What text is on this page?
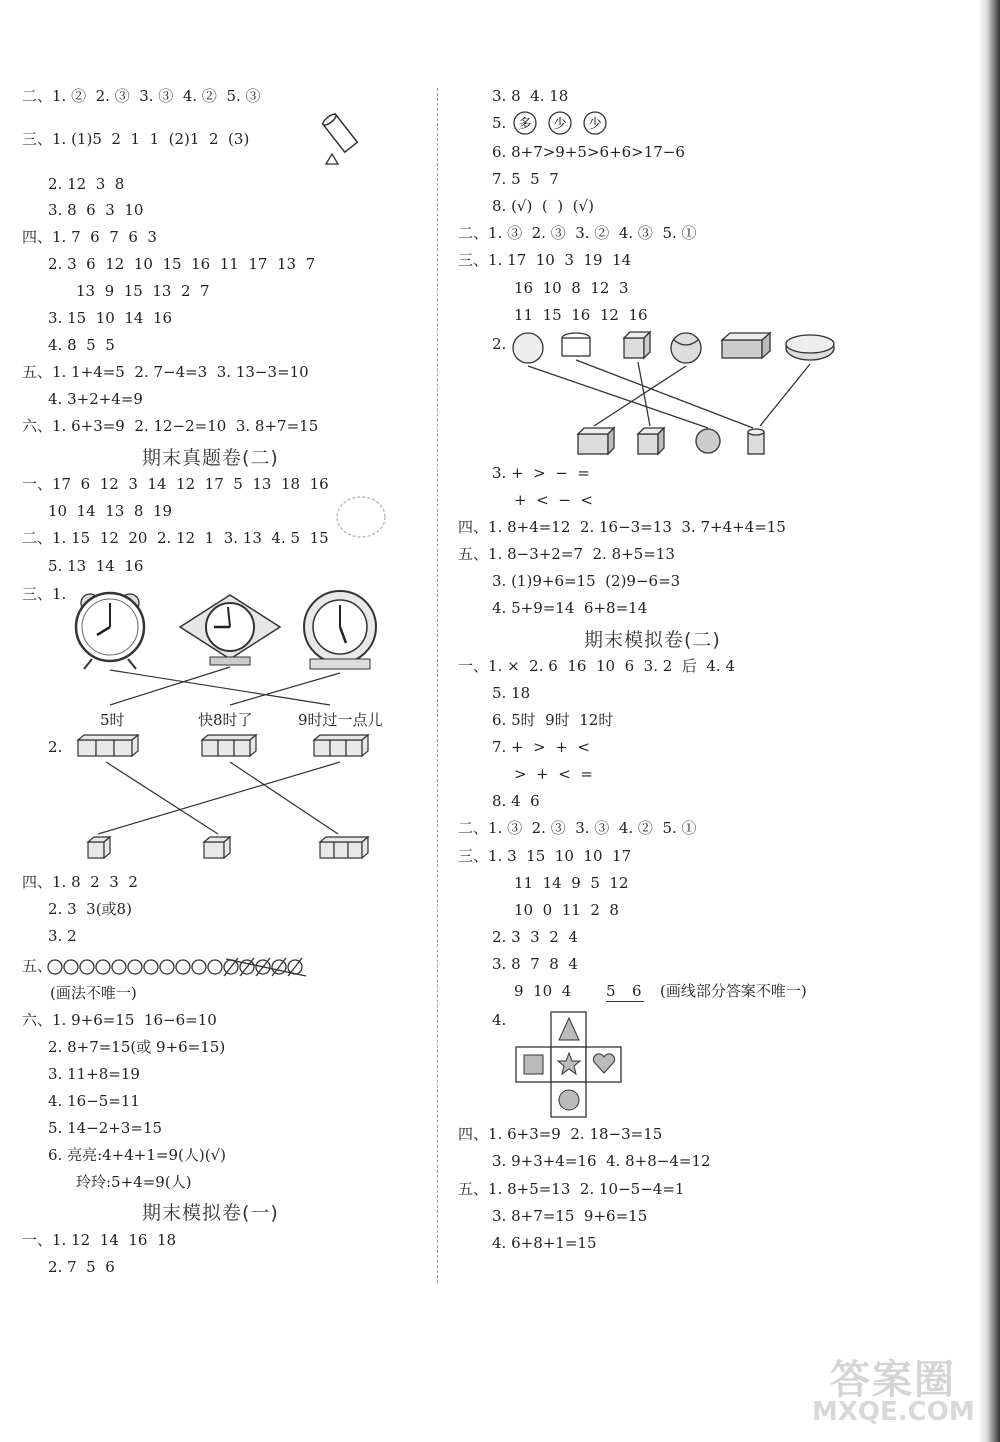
二、1. ②  2. ③  3. ③  4. ②  5. ③
三、1. (1)5  2  1  1  (2)1  2  (3)
2. 12  3  8
3. 8  6  3  10
四、1. 7  6  7  6  3
2. 3  6  12  10  15  16  11  17  13  7
13  9  15  13  2  7
3. 15  10  14  16
4. 8  5  5
五、1. 1+4=5  2. 7−4=3  3. 13−3=10
4. 3+2+4=9
六、1. 6+3=9  2. 12−2=10  3. 8+7=15
期末真题卷(二)
一、17  6  12  3  14  12  17  5  13  18  16
10  14  13  8  19
二、1. 15  12  20  2. 12  1  3. 13  4. 5  15
5. 13  14  16
三、1.
5时	快8时了	9时过一点儿
2.
四、1. 8  2  3  2
2. 3  3(或8)
3. 2
五、
(画法不唯一)
六、1. 9+6=15  16−6=10
2. 8+7=15(或 9+6=15)
3. 11+8=19
4. 16−5=11
5. 14−2+3=15
6. 亮亮:4+4+1=9(人)(√)
玲玲:5+4=9(人)
期末模拟卷(一)
一、1. 12  14  16  18
2. 7  5  6
3. 8  4. 18
5. 多 少 少
6. 8+7>9+5>6+6>17−6
7. 5  5  7
8. (√)  (  )  (√)
二、1. ③  2. ③  3. ②  4. ③  5. ①
三、1. 17  10  3  19  14
16  10  8  12  3
11  15  16  12  16
2.
3. +  >  −  =
+  <  −  <
四、1. 8+4=12  2. 16−3=13  3. 7+4+4=15
五、1. 8−3+2=7  2. 8+5=13
3. (1)9+6=15  (2)9−6=3
4. 5+9=14  6+8=14
期末模拟卷(二)
一、1. ×  2. 6  16  10  6  3. 2  后  4. 4
5. 18
6. 5时  9时  12时
7. +  >  +  <
>  +  <  =
8. 4  6
二、1. ③  2. ③  3. ③  4. ②  5. ①
三、1. 3  15  10  10  17
11  14  9  5  12
10  0  11  2  8
2. 3  3  2  4
3. 8  7  8  4
9  10  4 5	6 (画线部分答案不唯一)
4.
四、1. 6+3=9  2. 18−3=15
3. 9+3+4=16  4. 8+8−4=12
五、1. 8+5=13  2. 10−5−4=1
3. 8+7=15  9+6=15
4. 6+8+1=15
答案圈
MXQE.COM
